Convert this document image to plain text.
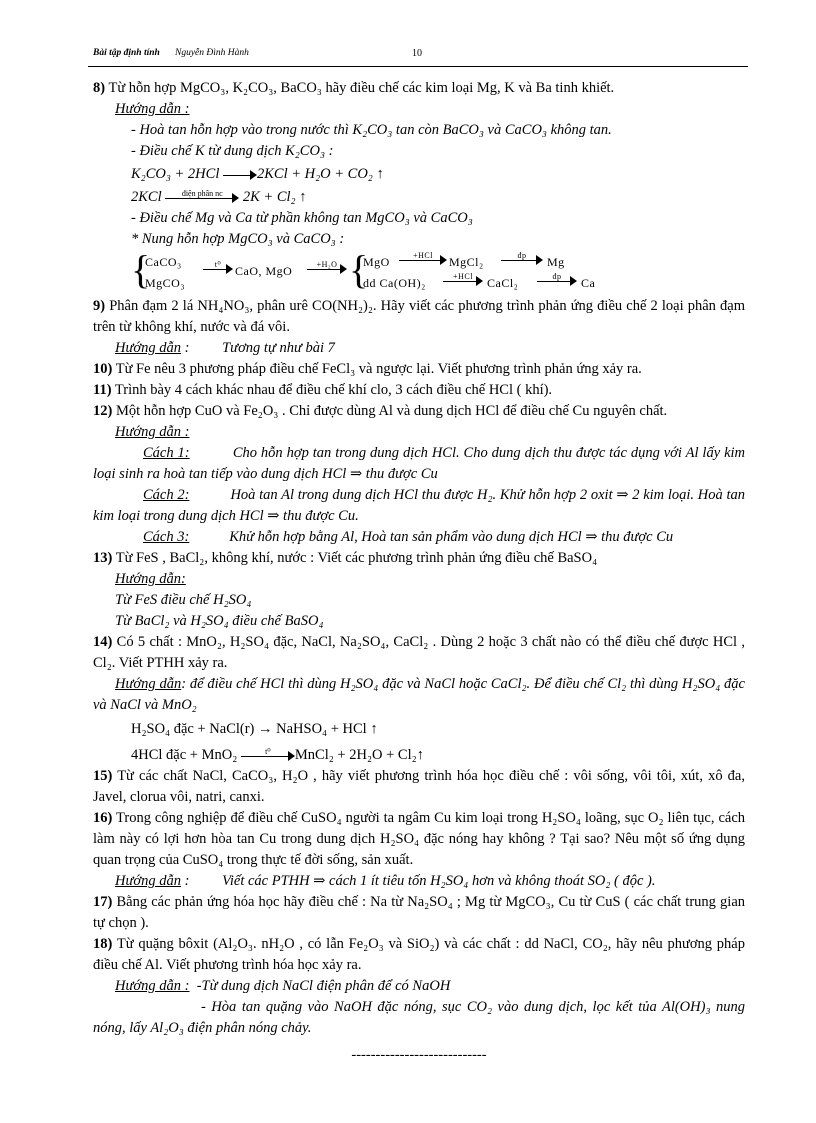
Bài tập định tính Nguyễn Đình Hành	10

8) Từ hỗn hợp MgCO₃, K₂CO₃, BaCO₃ hãy điều chế các kim loại Mg, K và Ba tinh khiết.

Hướng dẫn :

- Hoà tan hỗn hợp vào trong nước thì K₂CO₃ tan còn BaCO₃ và CaCO₃ không tan.

- Điều chế K từ dung dịch K₂CO₃ :

K₂CO₃ + 2HCl	2KCl + H₂O + CO₂ ↑

2KCl	điện phân nc	2K + Cl₂ ↑

- Điều chế Mg và Ca từ phần không tan MgCO₃ và CaCO₃

* Nung hỗn hợp MgCO₃ và CaCO₃ :

{
CaCO₃
MgCO₃
t⁰	CaO, MgO	+H₂O {
MgO	+HCl	MgCl₂	đp	Mg
dd Ca(OH)₂	+HCl	CaCl₂	đp	Ca

9) Phân đạm 2 lá NH₄NO₃, phân urê CO(NH₂)₂. Hãy viết các phương trình phản ứng điều chế 2 loại phân đạm trên từ không khí, nước và đá vôi.

Hướng dẫn :         Tương tự như bài 7

10) Từ Fe nêu 3 phương pháp điều chế FeCl₃ và ngược lại. Viết phương trình phản ứng xảy ra.

11) Trình bày 4 cách khác nhau để điều chế khí clo, 3 cách điều chế HCl ( khí).

12) Một hỗn hợp CuO và Fe₂O₃ . Chỉ được dùng Al và dung dịch HCl để điều chế Cu nguyên chất.

Hướng dẫn :

Cách 1:	Cho hỗn hợp tan trong dung dịch HCl. Cho dung dịch thu được tác dụng với Al lấy kim loại sinh ra hoà tan tiếp vào dung dịch HCl ⇒ thu được Cu

Cách 2:	Hoà tan Al trong dung dịch HCl thu được H₂. Khử hỗn hợp 2 oxit ⇒ 2 kim loại. Hoà tan kim loại trong dung dịch HCl ⇒ thu được Cu.

Cách 3:	Khử hỗn hợp bằng Al, Hoà tan sản phẩm vào dung dịch HCl ⇒ thu được Cu

13) Từ FeS , BaCl₂, không khí, nước : Viết các phương trình phản ứng điều chế BaSO₄

Hướng dẫn:

Từ FeS điều chế H₂SO₄

Từ BaCl₂ và H₂SO₄ điều chế BaSO₄

14) Có 5 chất : MnO₂, H₂SO₄ đặc, NaCl, Na₂SO₄, CaCl₂ . Dùng 2 hoặc 3 chất nào có thể điều chế được HCl , Cl₂. Viết PTHH xảy ra.

Hướng dẫn: để điều chế HCl thì dùng H₂SO₄ đặc và NaCl hoặc CaCl₂. Để điều chế Cl₂ thì dùng H₂SO₄ đặc và NaCl và MnO₂

H₂SO₄ đặc + NaCl(r) → NaHSO₄ + HCl ↑

4HCl đặc + MnO₂	t⁰	MnCl₂ + 2H₂O + Cl₂↑

15) Từ các chất NaCl, CaCO₃, H₂O , hãy viết phương trình hóa học điều chế : vôi sống, vôi tôi, xút, xô đa, Javel, clorua vôi, natri, canxi.

16) Trong công nghiệp để điều chế CuSO₄ người ta ngâm Cu kim loại trong H₂SO₄ loãng, sục O₂ liên tục, cách làm này có lợi hơn hòa tan Cu trong dung dịch H₂SO₄ đặc nóng hay không ? Tại sao? Nêu một số ứng dụng quan trọng của CuSO₄ trong thực tế đời sống, sản xuất.

Hướng dẫn :         Viết các PTHH ⇒ cách 1 ít tiêu tốn H₂SO₄ hơn và không thoát SO₂ ( độc ).

17) Bằng các phản ứng hóa học hãy điều chế : Na từ Na₂SO₄ ; Mg từ MgCO₃, Cu từ CuS ( các chất trung gian tự chọn ).

18) Từ quặng bôxit (Al₂O₃. nH₂O , có lẫn Fe₂O₃ và SiO₂) và các chất : dd NaCl, CO₂, hãy nêu phương pháp điều chế Al. Viết phương trình hóa học xảy ra.

Hướng dẫn : -Từ dung dịch NaCl điện phân để có NaOH

- Hòa tan quặng vào NaOH đặc nóng, sục CO₂ vào dung dịch, lọc kết tủa Al(OH)₃ nung nóng, lấy Al₂O₃ điện phân nóng chảy.

----------------------------
